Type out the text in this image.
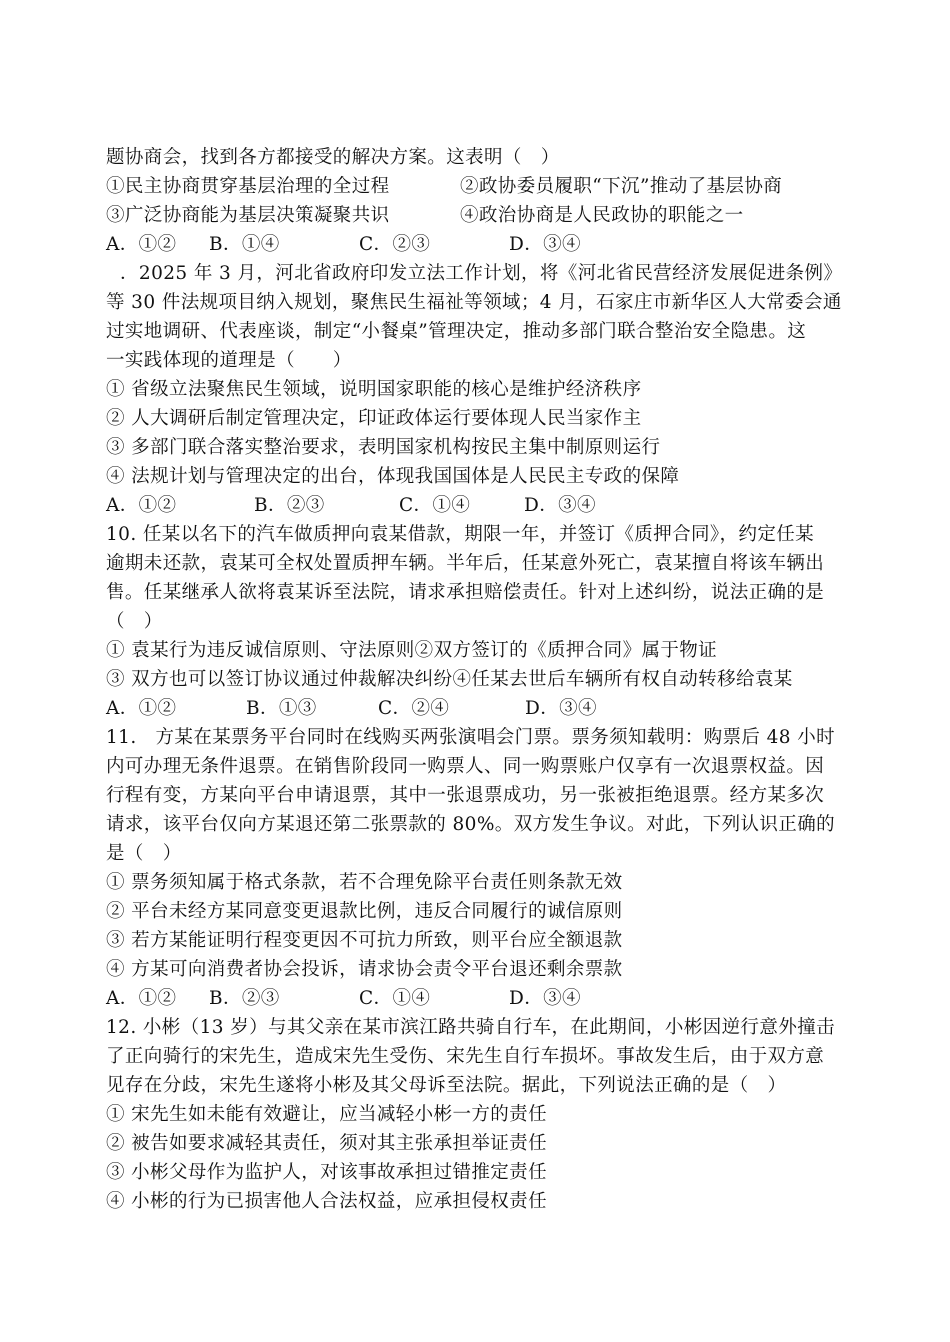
题协商会，找到各方都接受的解决方案。这表明（　）
①民主协商贯穿基层治理的全过程	②政协委员履职“下沉”推动了基层协商
③广泛协商能为基层决策凝聚共识	④政治协商是人民政协的职能之一
A．①② B．①④	C．②③	D．③④
．2025 年 3 月，河北省政府印发立法工作计划，将《河北省民营经济发展促进条例》
等 30 件法规项目纳入规划，聚焦民生福祉等领域；4 月，石家庄市新华区人大常委会通
过实地调研、代表座谈，制定“小餐桌”管理决定，推动多部门联合整治安全隐患。这
一实践体现的道理是（　　）
① 省级立法聚焦民生领域，说明国家职能的核心是维护经济秩序
② 人大调研后制定管理决定，印证政体运行要体现人民当家作主
③ 多部门联合落实整治要求，表明国家机构按民主集中制原则运行
④ 法规计划与管理决定的出台，体现我国国体是人民民主专政的保障
A．①②	B．②③	C．①④	D．③④
10. 任某以名下的汽车做质押向袁某借款，期限一年，并签订《质押合同》，约定任某
逾期未还款，袁某可全权处置质押车辆。半年后，任某意外死亡，袁某擅自将该车辆出
售。任某继承人欲将袁某诉至法院，请求承担赔偿责任。针对上述纠纷，说法正确的是
（　）
① 袁某行为违反诚信原则、守法原则②双方签订的《质押合同》属于物证
③ 双方也可以签订协议通过仲裁解决纠纷④任某去世后车辆所有权自动转移给袁某
A．①②	B．①③	C．②④	D．③④
11.　方某在某票务平台同时在线购买两张演唱会门票。票务须知载明：购票后 48 小时
内可办理无条件退票。在销售阶段同一购票人、同一购票账户仅享有一次退票权益。因
行程有变，方某向平台申请退票，其中一张退票成功，另一张被拒绝退票。经方某多次
请求，该平台仅向方某退还第二张票款的 80%。双方发生争议。对此，下列认识正确的
是（　）
① 票务须知属于格式条款，若不合理免除平台责任则条款无效
② 平台未经方某同意变更退款比例，违反合同履行的诚信原则
③ 若方某能证明行程变更因不可抗力所致，则平台应全额退款
④ 方某可向消费者协会投诉，请求协会责令平台退还剩余票款
A．①② B．②③	C．①④	D．③④
12. 小彬（13 岁）与其父亲在某市滨江路共骑自行车，在此期间，小彬因逆行意外撞击
了正向骑行的宋先生，造成宋先生受伤、宋先生自行车损坏。事故发生后，由于双方意
见存在分歧，宋先生遂将小彬及其父母诉至法院。据此，下列说法正确的是（　）
① 宋先生如未能有效避让，应当减轻小彬一方的责任
② 被告如要求减轻其责任，须对其主张承担举证责任
③ 小彬父母作为监护人，对该事故承担过错推定责任
④ 小彬的行为已损害他人合法权益，应承担侵权责任
